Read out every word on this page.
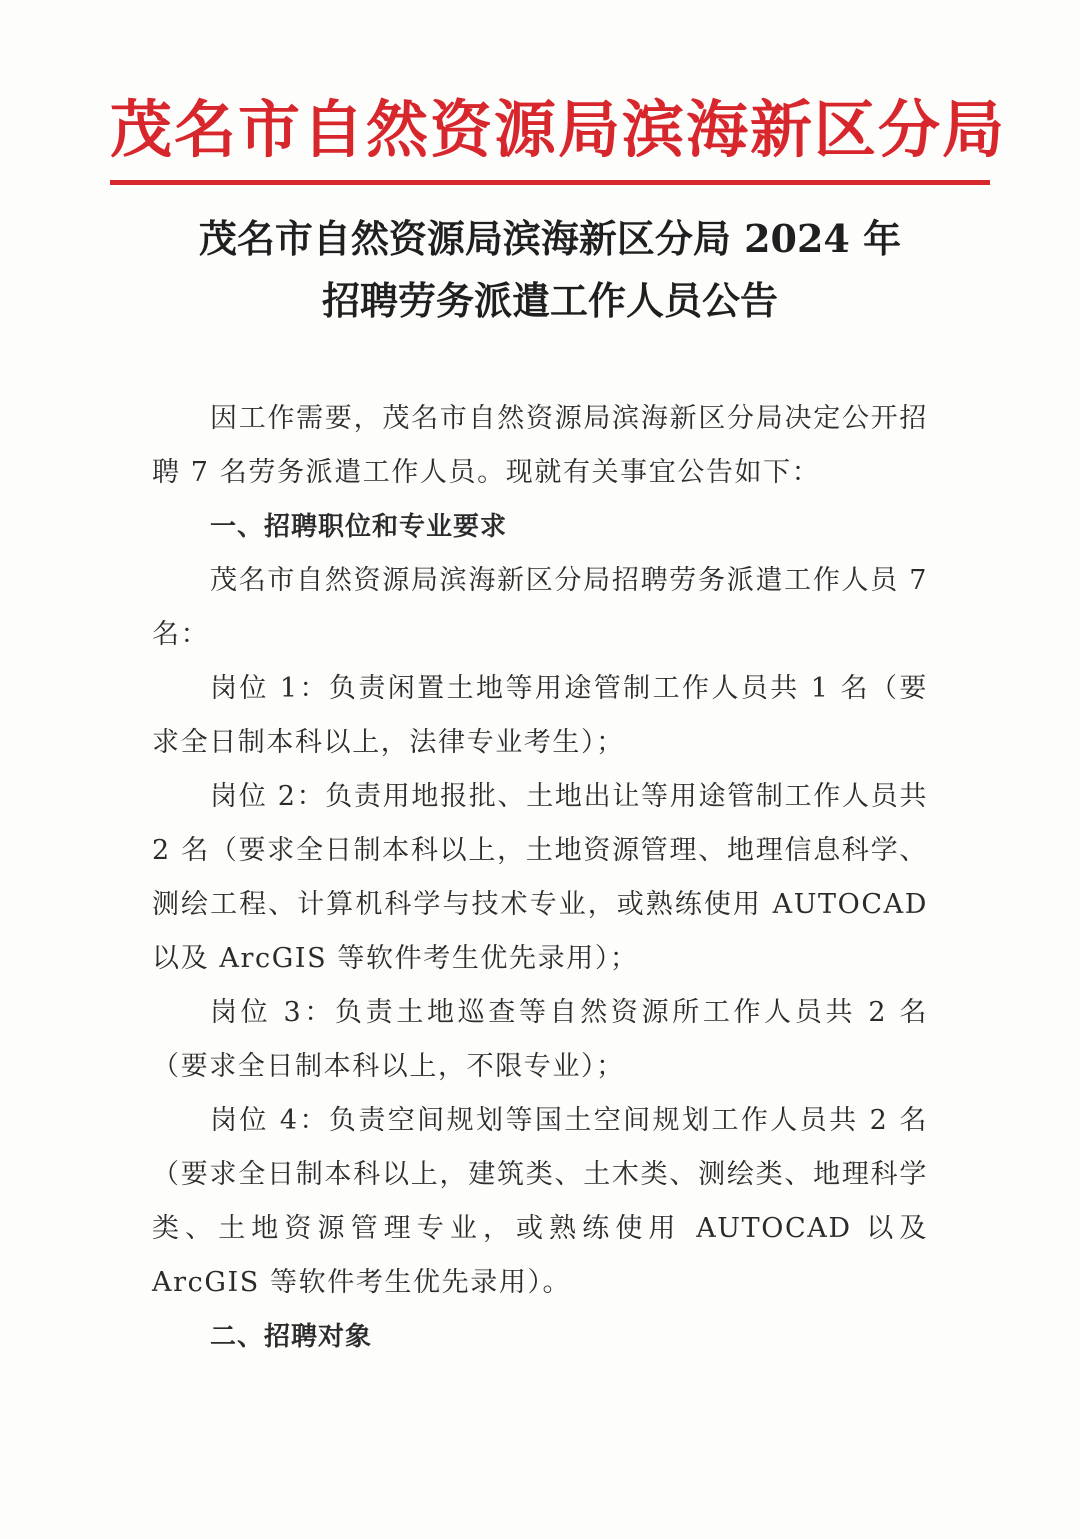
茂名市自然资源局滨海新区分局
茂名市自然资源局滨海新区分局 2024 年
招聘劳务派遣工作人员公告

因工作需要，茂名市自然资源局滨海新区分局决定公开招聘 7 名劳务派遣工作人员。现就有关事宜公告如下：

一、招聘职位和专业要求

茂名市自然资源局滨海新区分局招聘劳务派遣工作人员 7 名：

岗位 1：负责闲置土地等用途管制工作人员共 1 名（要求全日制本科以上，法律专业考生）；

岗位 2：负责用地报批、土地出让等用途管制工作人员共 2 名（要求全日制本科以上，土地资源管理、地理信息科学、测绘工程、计算机科学与技术专业，或熟练使用 AUTOCAD 以及 ArcGIS 等软件考生优先录用）；

岗位 3：负责土地巡查等自然资源所工作人员共 2 名（要求全日制本科以上，不限专业）；

岗位 4：负责空间规划等国土空间规划工作人员共 2 名（要求全日制本科以上，建筑类、土木类、测绘类、地理科学类、土地资源管理专业，或熟练使用 AUTOCAD 以及 ArcGIS 等软件考生优先录用）。

二、招聘对象
